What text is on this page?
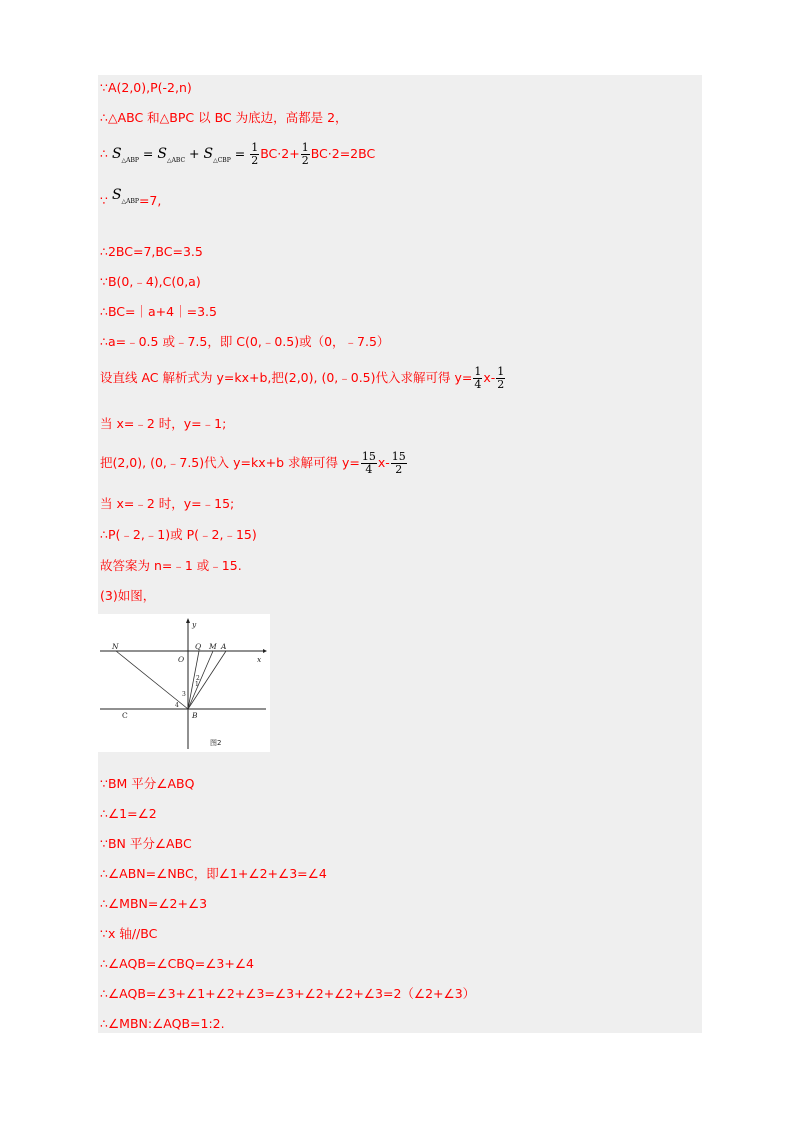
∵A(2,0),P(-2,n)
∴△ABC 和△BPC 以 BC 为底边，高都是 2，
∴ $S_{\triangle ABP} = S_{\triangle ABC} + S_{\triangle CBP} = \frac{1}{2} BC\cdot 2+ \frac{1}{2} BC\cdot 2=2BC$
∵ $S_{\triangle ABP}=7$,
∴2BC=7,BC=3.5
∵B(0,﹣4),C(0,a)
∴BC=｜a+4｜=3.5
∴a=﹣0.5 或﹣7.5，即 C(0,﹣0.5)或（0，﹣7.5）
设直线 AC 解析式为 y=kx+b,把(2,0), (0,﹣0.5)代入求解可得 $y= \frac{1}{4} x- \frac{1}{2}$
当 x=﹣2 时，y=﹣1;
把(2,0), (0,﹣7.5)代入 y=kx+b 求解可得 $y= \frac{15}{4} x- \frac{15}{2}$
当 x=﹣2 时，y=﹣15;
∴P(﹣2,﹣1)或 P(﹣2,﹣15)
故答案为 n=﹣1 或﹣15.
(3)如图，
N	Q M A
O	x
y
B
C
1
2
3
4
图2
∵BM 平分∠ABQ
∴∠1=∠2
∵BN 平分∠ABC
∴∠ABN=∠NBC，即∠1+∠2+∠3=∠4
∴∠MBN=∠2+∠3
∵x 轴//BC
∴∠AQB=∠CBQ=∠3+∠4
∴∠AQB=∠3+∠1+∠2+∠3=∠3+∠2+∠2+∠3=2（∠2+∠3）
∴∠MBN:∠AQB=1:2.
